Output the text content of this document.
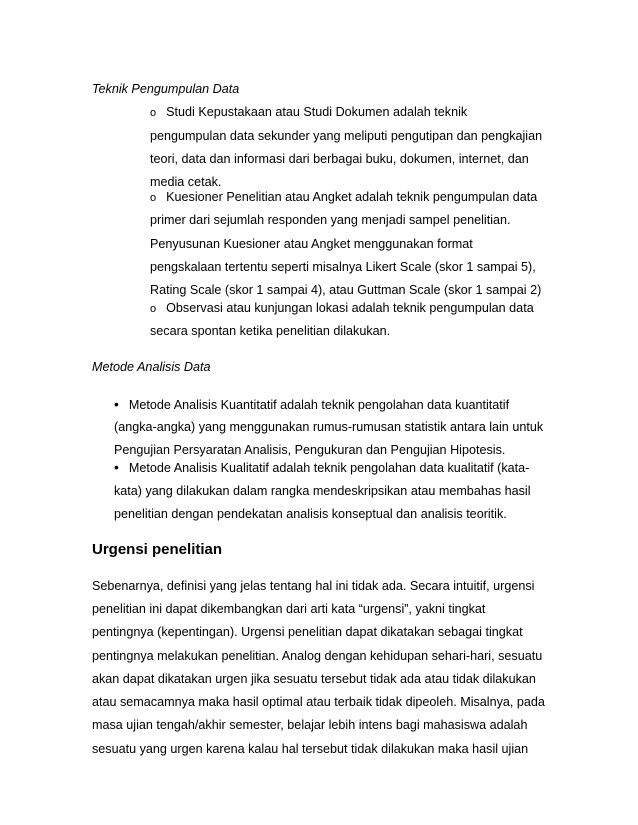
Teknik Pengumpulan Data
o Studi Kepustakaan atau Studi Dokumen adalah teknik
pengumpulan data sekunder yang meliputi pengutipan dan pengkajian
teori, data dan informasi dari berbagai buku, dokumen, internet, dan
media cetak.
o Kuesioner Penelitian atau Angket adalah teknik pengumpulan data
primer dari sejumlah responden yang menjadi sampel penelitian.
Penyusunan Kuesioner atau Angket menggunakan format
pengskalaan tertentu seperti misalnya Likert Scale (skor 1 sampai 5),
Rating Scale (skor 1 sampai 4), atau Guttman Scale (skor 1 sampai 2)
o Observasi atau kunjungan lokasi adalah teknik pengumpulan data
secara spontan ketika penelitian dilakukan.
Metode Analisis Data
• Metode Analisis Kuantitatif adalah teknik pengolahan data kuantitatif
(angka-angka) yang menggunakan rumus-rumusan statistik antara lain untuk
Pengujian Persyaratan Analisis, Pengukuran dan Pengujian Hipotesis.
• Metode Analisis Kualitatif adalah teknik pengolahan data kualitatif (kata-
kata) yang dilakukan dalam rangka mendeskripsikan atau membahas hasil
penelitian dengan pendekatan analisis konseptual dan analisis teoritik.
Urgensi penelitian
Sebenarnya, definisi yang jelas tentang hal ini tidak ada. Secara intuitif, urgensi
penelitian ini dapat dikembangkan dari arti kata “urgensi”, yakni tingkat
pentingnya (kepentingan). Urgensi penelitian dapat dikatakan sebagai tingkat
pentingnya melakukan penelitian. Analog dengan kehidupan sehari-hari, sesuatu
akan dapat dikatakan urgen jika sesuatu tersebut tidak ada atau tidak dilakukan
atau semacamnya maka hasil optimal atau terbaik tidak dipeoleh. Misalnya, pada
masa ujian tengah/akhir semester, belajar lebih intens bagi mahasiswa adalah
sesuatu yang urgen karena kalau hal tersebut tidak dilakukan maka hasil ujian
